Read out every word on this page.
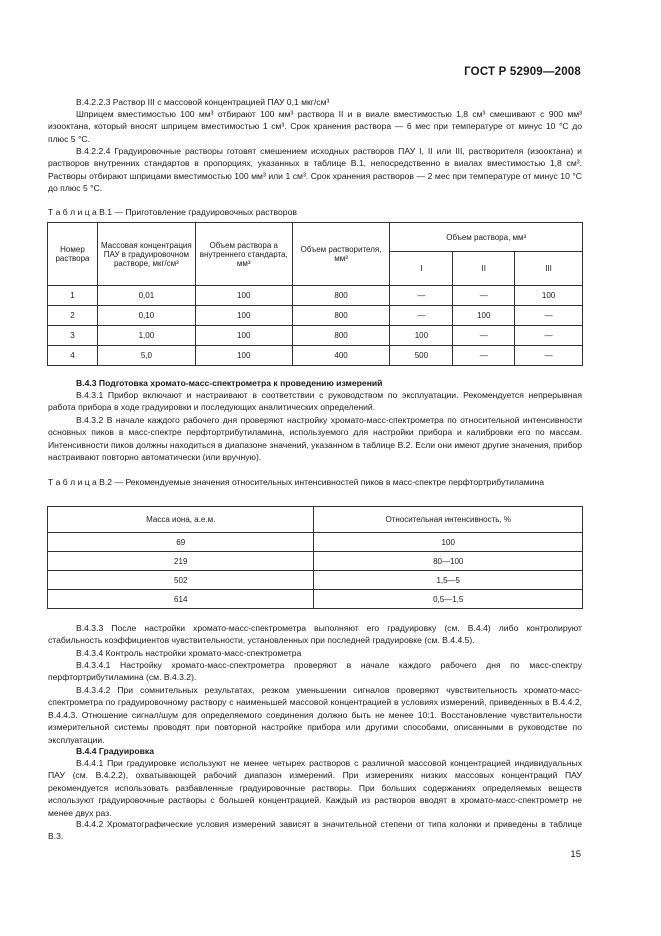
ГОСТ Р 52909—2008
В.4.2.2.3 Раствор III с массовой концентрацией ПАУ 0,1 мкг/см³
Шприцем вместимостью 100 мм³ отбирают 100 мм³ раствора II и в виале вместимостью 1,8 см³ смешивают с 900 мм³ изооктана, который вносят шприцем вместимостью 1 см³. Срок хранения раствора — 6 мес при температуре от минус 10 °С до плюс 5 °С.
В.4.2.2.4 Градуировочные растворы готовят смешением исходных растворов ПАУ I, II или III, растворителя (изооктана) и растворов внутренних стандартов в пропорциях, указанных в таблице В.1, непосредственно в виалах вместимостью 1,8 см³. Растворы отбирают шприцами вместимостью 100 мм³ или 1 см³. Срок хранения растворов — 2 мес при температуре от минус 10 °С до плюс 5 °С.
Т а б л и ц а В.1 — Приготовление градуировочных растворов
Номер раствора	Массовая концентрация ПАУ в градуировочном растворе, мкг/см³	Объем раствора а внутреннего стандарта, мм³	Объем растворителя, мм³	Объем раствора, мм³		
				I	II	III
1	0,01	100	800	—	—	100
2	0,10	100	800	—	100	—
3	1,00	100	800	100	—	—
4	5,0	100	400	500	—	—
В.4.3 Подготовка хромато-масс-спектрометра к проведению измерений
В.4.3.1 Прибор включают и настраивают в соответствии с руководством по эксплуатации. Рекомендуется непрерывная работа прибора в ходе градуировки и последующих аналитических определений.
В.4.3.2 В начале каждого рабочего дня проверяют настройку хромато-масс-спектрометра по относительной интенсивности основных пиков в масс-спектре перфтортрибутиламина, используемого для настройки прибора и калибровки его по массам. Интенсивности пиков должны находиться в диапазоне значений, указанном в таблице В.2. Если они имеют другие значения, прибор настраивают повторно автоматически (или вручную).
Т а б л и ц а В.2 — Рекомендуемые значения относительных интенсивностей пиков в масс-спектре перфтортрибутиламина
Масса иона, а.е.м.	Относительная интенсивность, %
69	100
219	80—100
502	1,5—5
614	0,5—1,5
В.4.3.3 После настройки хромато-масс-спектрометра выполняют его градуировку (см. В.4.4) либо контролируют стабильность коэффициентов чувствительности, установленных при последней градуировке (см. В.4.4.5).
В.4.3.4 Контроль настройки хромато-масс-спектрометра
В.4.3.4.1 Настройку хромато-масс-спектрометра проверяют в начале каждого рабочего дня по масс-спектру перфтортрибутиламина (см. В.4.3.2).
В.4.3.4.2 При сомнительных результатах, резком уменьшении сигналов проверяют чувствительность хромато-масс-спектрометра по градуировочному раствору с наименьшей массовой концентрацией в условиях измерений, приведенных в В.4.4.2, В.4.4.3. Отношение сигнал/шум для определяемого соединения должно быть не менее 10:1. Восстановление чувствительности измерительной системы проводят при повторной настройке прибора или другими способами, описанными в руководстве по эксплуатации.
В.4.4 Градуировка
В.4.4.1 При градуировке используют не менее четырех растворов с различной массовой концентрацией индивидуальных ПАУ (см. В.4.2.2), охватывающей рабочий диапазон измерений. При измерениях низких массовых концентраций ПАУ рекомендуется использовать разбавленные градуировочные растворы. При больших содержаниях определяемых веществ используют градуировочные растворы с большей концентрацией. Каждый из растворов вводят в хромато-масс-спектрометр не менее двух раз.
В.4.4.2 Хроматографические условия измерений зависят в значительной степени от типа колонки и приведены в таблице В.3.
15
